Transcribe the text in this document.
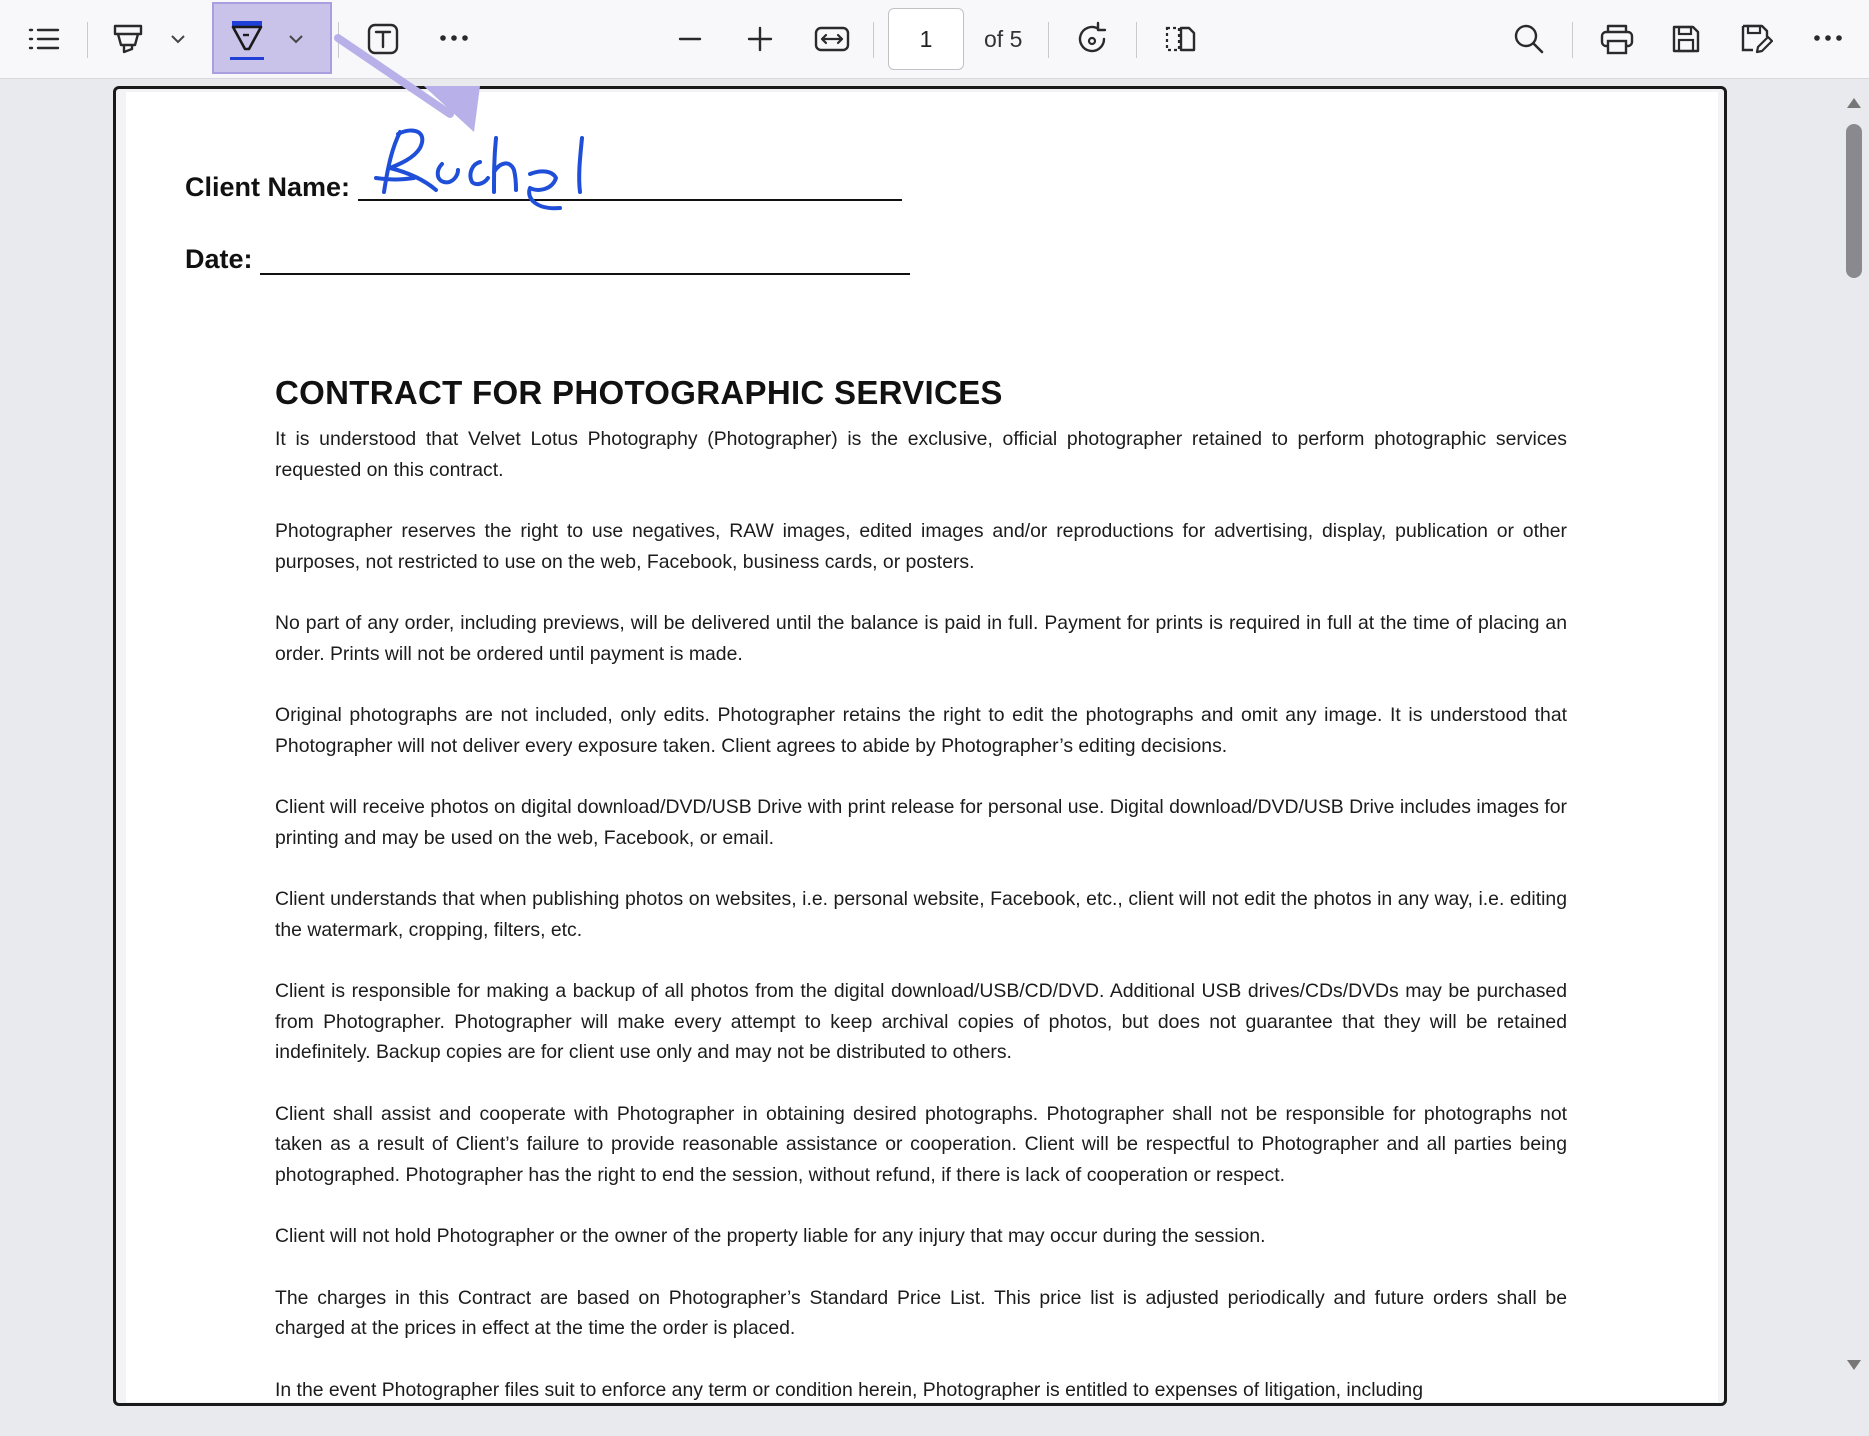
1 of 5
Client Name:
Date:
CONTRACT FOR PHOTOGRAPHIC SERVICES

It is understood that Velvet Lotus Photography (Photographer) is the exclusive, official photographer retained to perform photographic services requested on this contract.

Photographer reserves the right to use negatives, RAW images, edited images and/or reproductions for advertising, display, publication or other purposes, not restricted to use on the web, Facebook, business cards, or posters.

No part of any order, including previews, will be delivered until the balance is paid in full. Payment for prints is required in full at the time of placing an order. Prints will not be ordered until payment is made.

Original photographs are not included, only edits. Photographer retains the right to edit the photographs and omit any image. It is understood that Photographer will not deliver every exposure taken. Client agrees to abide by Photographer’s editing decisions.

Client will receive photos on digital download/DVD/USB Drive with print release for personal use. Digital download/DVD/USB Drive includes images for printing and may be used on the web, Facebook, or email.

Client understands that when publishing photos on websites, i.e. personal website, Facebook, etc., client will not edit the photos in any way, i.e. editing the watermark, cropping, filters, etc.

Client is responsible for making a backup of all photos from the digital download/USB/CD/DVD. Additional USB drives/CDs/DVDs may be purchased from Photographer. Photographer will make every attempt to keep archival copies of photos, but does not guarantee that they will be retained indefinitely. Backup copies are for client use only and may not be distributed to others.

Client shall assist and cooperate with Photographer in obtaining desired photographs. Photographer shall not be responsible for photographs not taken as a result of Client’s failure to provide reasonable assistance or cooperation. Client will be respectful to Photographer and all parties being photographed. Photographer has the right to end the session, without refund, if there is lack of cooperation or respect.

Client will not hold Photographer or the owner of the property liable for any injury that may occur during the session.

The charges in this Contract are based on Photographer’s Standard Price List. This price list is adjusted periodically and future orders shall be charged at the prices in effect at the time the order is placed.

In the event Photographer files suit to enforce any term or condition herein, Photographer is entitled to expenses of litigation, including
